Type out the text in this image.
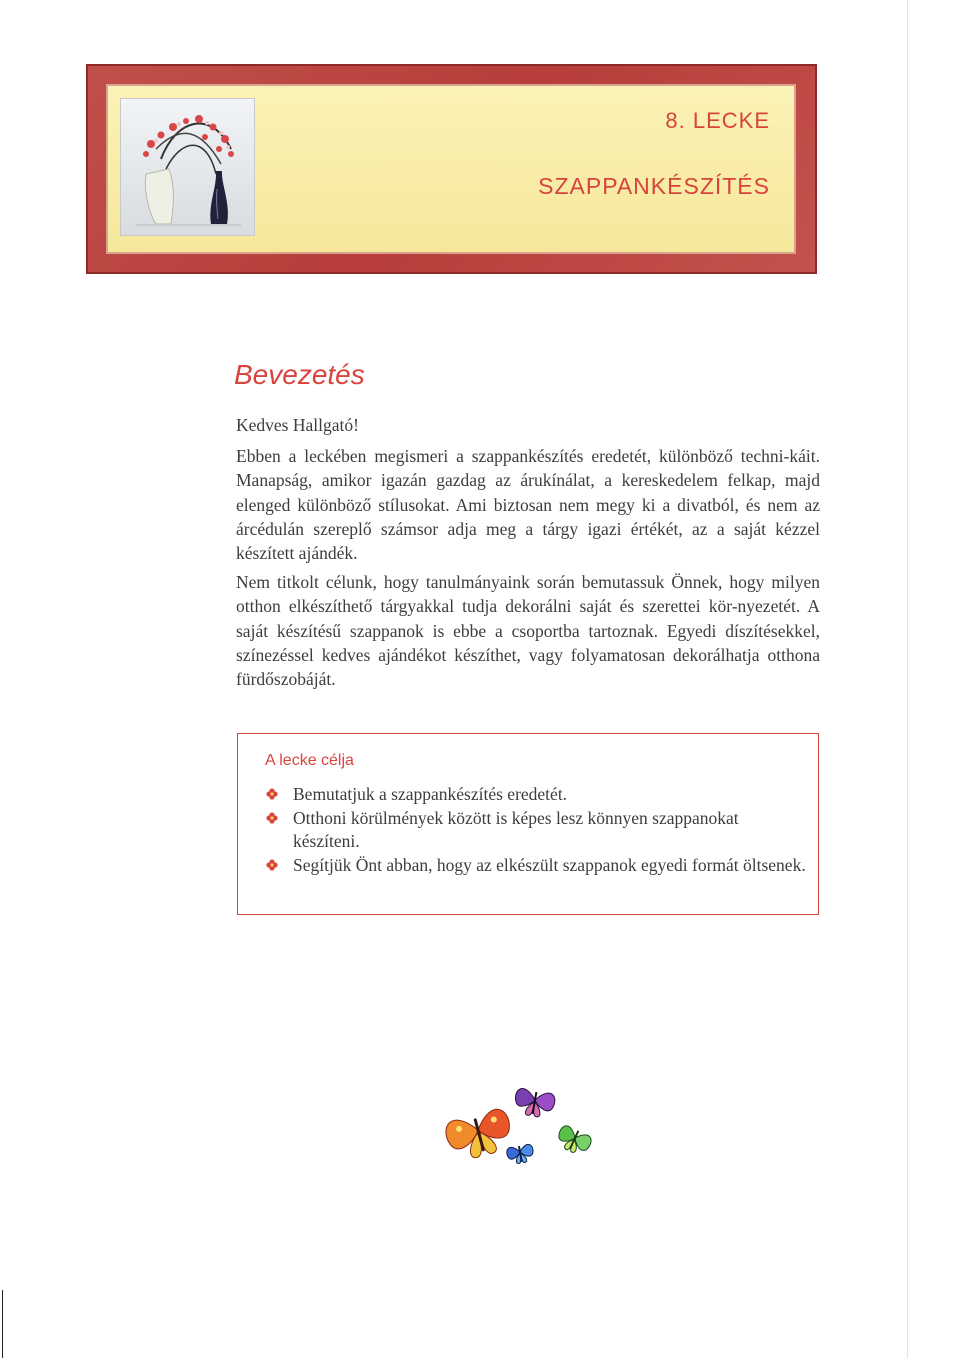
8. LECKE
SZAPPANKÉSZÍTÉS
Bevezetés

Kedves Hallgató!

Ebben a leckében megismeri a szappankészítés eredetét, különböző techni-káit. Manapság, amikor igazán gazdag az árukínálat, a kereskedelem felkap, majd elenged különböző stílusokat. Ami biztosan nem megy ki a divatból, és nem az árcédulán szereplő számsor adja meg a tárgy igazi értékét, az a saját kézzel készített ajándék.

Nem titkolt célunk, hogy tanulmányaink során bemutassuk Önnek, hogy milyen otthon elkészíthető tárgyakkal tudja dekorálni saját és szerettei kör-nyezetét. A saját készítésű szappanok is ebbe a csoportba tartoznak. Egyedi díszítésekkel, színezéssel kedves ajándékot készíthet, vagy folyamatosan dekorálhatja otthona fürdőszobáját.

A lecke célja
Bemutatjuk a szappankészítés eredetét.
Otthoni körülmények között is képes lesz könnyen szappanokat készíteni.
Segítjük Önt abban, hogy az elkészült szappanok egyedi formát öltsenek.
